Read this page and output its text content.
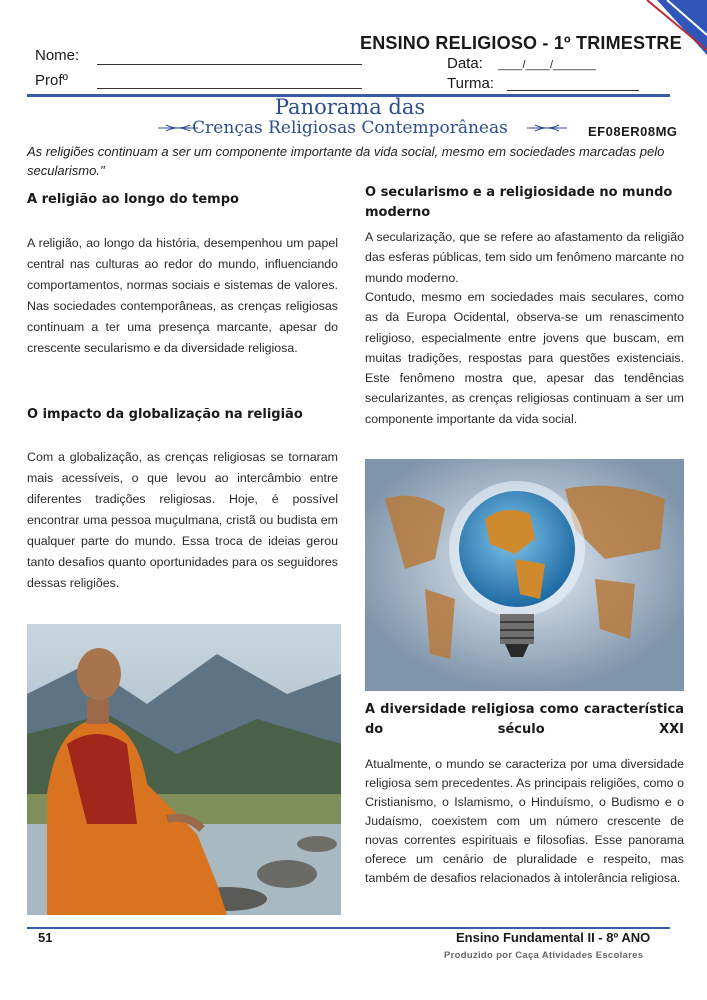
ENSINO RELIGIOSO - 1º TRIMESTRE
Nome:
Profº
Data: ____/____/_______
Turma:
Panorama das
Crenças Religiosas Contemporâneas	EF08ER08MG
As religiões continuam a ser um componente importante da vida social, mesmo em sociedades marcadas pelo secularismo."
A religião ao longo do tempo
A religião, ao longo da história, desempenhou um papel central nas culturas ao redor do mundo, influenciando comportamentos, normas sociais e sistemas de valores. Nas sociedades contemporâneas, as crenças religiosas continuam a ter uma presença marcante, apesar do crescente secularismo e da diversidade religiosa.
O impacto da globalização na religião
Com a globalização, as crenças religiosas se tornaram mais acessíveis, o que levou ao intercâmbio entre diferentes tradições religiosas. Hoje, é possível encontrar uma pessoa muçulmana, cristã ou budista em qualquer parte do mundo. Essa troca de ideias gerou tanto desafios quanto oportunidades para os seguidores dessas religiões.
O secularismo e a religiosidade no mundo moderno
A secularização, que se refere ao afastamento da religião das esferas públicas, tem sido um fenômeno marcante no mundo moderno.
Contudo, mesmo em sociedades mais seculares, como as da Europa Ocidental, observa-se um renascimento religioso, especialmente entre jovens que buscam, em muitas tradições, respostas para questões existenciais. Este fenômeno mostra que, apesar das tendências secularizantes, as crenças religiosas continuam a ser um componente importante da vida social.
A diversidade religiosa como característica do século XXI
Atualmente, o mundo se caracteriza por uma diversidade religiosa sem precedentes. As principais religiões, como o Cristianismo, o Islamismo, o Hinduísmo, o Budismo e o Judaísmo, coexistem com um número crescente de novas correntes espirituais e filosofias. Esse panorama oferece um cenário de pluralidade e respeito, mas também de desafios relacionados à intolerância religiosa.
51	Ensino Fundamental II - 8º ANO
Produzido por Caça Atividades Escolares
